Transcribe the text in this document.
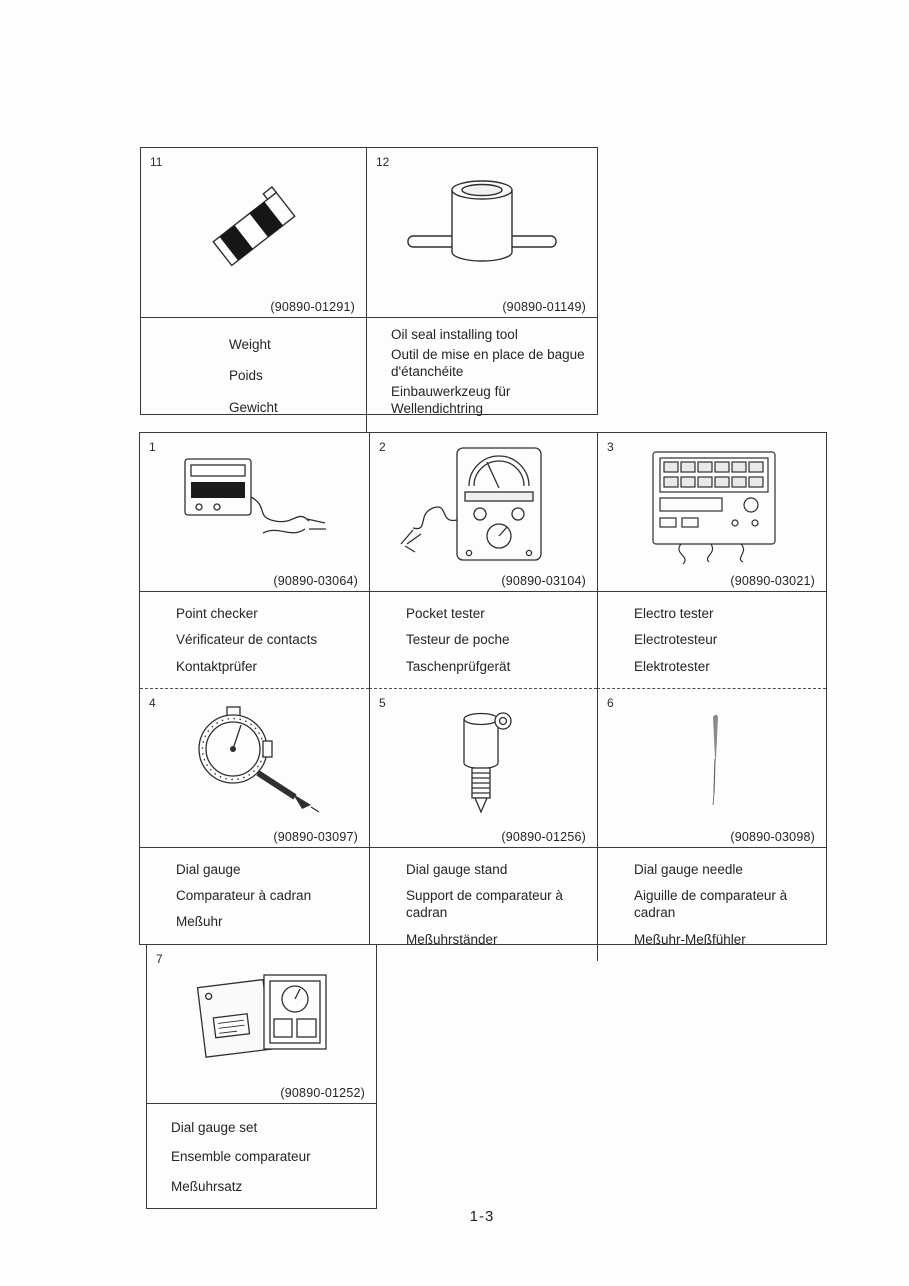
11
(90890-01291)
Weight
Poids
Gewicht
12
(90890-01149)
Oil seal installing tool
Outil de mise en place de bague d'étanchéite
Einbauwerkzeug für Wellendichtring
1
(90890-03064)
Point checker
Vérificateur de contacts
Kontaktprüfer
2
(90890-03104)
Pocket tester
Testeur de poche
Taschenprüfgerät
3
(90890-03021)
Electro tester
Electrotesteur
Elektrotester
4
(90890-03097)
Dial gauge
Comparateur à cadran
Meßuhr
5
(90890-01256)
Dial gauge stand
Support de comparateur à cadran
Meßuhrständer
6
(90890-03098)
Dial gauge needle
Aiguille de comparateur à cadran
Meßuhr-Meßfühler
7
(90890-01252)
Dial gauge set
Ensemble comparateur
Meßuhrsatz
1-3
